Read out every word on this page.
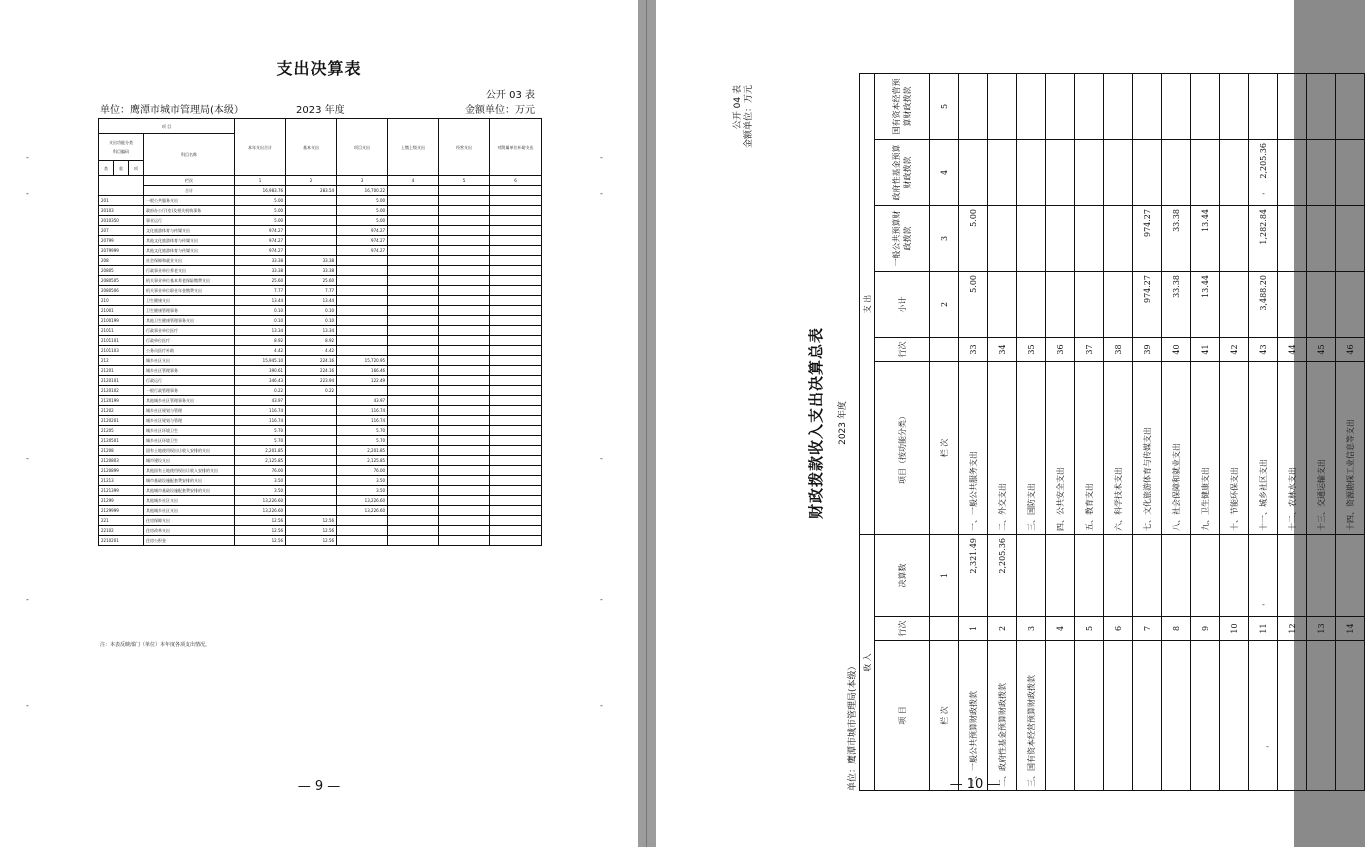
支出决算表
公开 03 表
单位：鹰潭市城市管理局(本级）	2023 年度	金额单位：万元
项 目				本年支出合计	基本支出	项目支出	上缴上级支出	经营支出	对附属单位补助支出
支出功能分类
科目编码			科目名称						
类	款	项							
			栏次	1	2	3	4	5	6
			合计	16,983.76	283.54	16,700.22			
201			一般公共服务支出	5.00		5.00			
20103			政府办公厅(室)及相关机构事务	5.00		5.00			
2010350			事业运行	5.00		5.00			
207			文化旅游体育与传媒支出	974.27		974.27			
20799			其他文化旅游体育与传媒支出	974.27		974.27			
2079999			其他文化旅游体育与传媒支出	974.27		974.27			
208			社会保障和就业支出	33.38	33.38				
20805			行政事业单位养老支出	33.38	33.38				
2080505			机关事业单位基本养老保险缴费支出	25.60	25.60				
2080506			机关事业单位职业年金缴费支出	7.77	7.77				
210			卫生健康支出	13.44	13.44				
21001			卫生健康管理事务	0.10	0.10				
2100199			其他卫生健康管理事务支出	0.10	0.10				
21011			行政事业单位医疗	13.34	13.34				
2101101			行政单位医疗	8.92	8.92				
2101103			公务员医疗补助	4.42	4.42				
212			城乡社区支出	15,945.10	224.16	15,720.95			
21201			城乡社区管理事务	390.61	224.16	166.46			
2120101			行政运行	346.43	223.94	122.49			
2120102			一般行政管理事务	0.22	0.22				
2120199			其他城乡社区管理事务支出	43.97		43.97			
21202			城乡社区规划与管理	116.74		116.74			
2120201			城乡社区规划与管理	116.74		116.74			
21205			城乡社区环境卫生	5.70		5.70			
2120501			城乡社区环境卫生	5.70		5.70			
21208			国有土地使用权出让收入安排的支出	2,201.85		2,201.85			
2120803			城市建设支出	2,125.85		2,125.85			
2120899			其他国有土地使用权出让收入安排的支出	76.00		76.00			
21213			城市基础设施配套费安排的支出	3.50		3.50			
2121399			其他城市基础设施配套费安排的支出	3.50		3.50			
21299			其他城乡社区支出	13,226.60		13,226.60			
2129999			其他城乡社区支出	13,226.60		13,226.60			
221			住房保障支出	12.56	12.56				
22102			住房改革支出	12.56	12.56				
2210201			住房公积金	12.56	12.56				
注：本表反映部门（单位）本年度各项支出情况。
— 9 —
-
-
-
-
-
-
-
-
-
-
公开 04 表 金额单位：万元
财政拨款收入支出决算总表	2023 年度
单位：鹰潭市城市管理局(本级） 收 入			支 出					
项 目	行次	决算数	项目（按功能分类）	行次	小计	一般公共预算财政拨款	政府性基金预算财政拨款	国有资本经营预算财政拨款
栏 次		1	栏 次		2	3	4	5
一、一般公共预算财政拨款	1	2,321.49	一、一般公共服务支出	33	5.00	5.00		
二、政府性基金预算财政拨款	2	2,205.36	二、外交支出	34				
三、国有资本经营预算财政拨款	3		三、国防支出	35				
	4		四、公共安全支出	36				
	5		五、教育支出	37				
	6		六、科学技术支出	38				
	7		七、文化旅游体育与传媒支出	39	974.27	974.27		
	8		八、社会保障和就业支出	40	33.38	33.38		
	9		九、卫生健康支出	41	13.44	13.44		
	10		十、节能环保支出	42				
	11		十一、城乡社区支出	43	3,488.20	1,282.84	2,205.36	
	12		十二、农林水支出	44				
	13		十三、交通运输支出	45				
	14		十四、资源勘探工业信息等支出	46				
— 10 —
-
-
-
